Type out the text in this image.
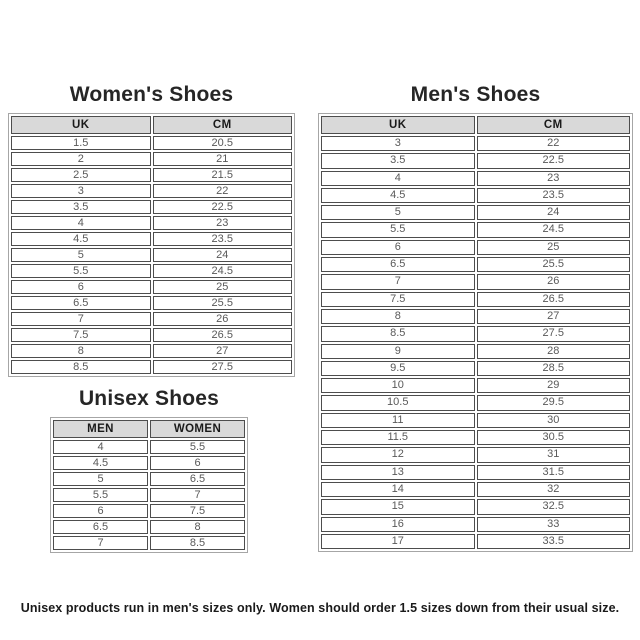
Women's Shoes
UK	CM
1.5	20.5
2	21
2.5	21.5
3	22
3.5	22.5
4	23
4.5	23.5
5	24
5.5	24.5
6	25
6.5	25.5
7	26
7.5	26.5
8	27
8.5	27.5
Men's Shoes
UK	CM
3	22
3.5	22.5
4	23
4.5	23.5
5	24
5.5	24.5
6	25
6.5	25.5
7	26
7.5	26.5
8	27
8.5	27.5
9	28
9.5	28.5
10	29
10.5	29.5
11	30
11.5	30.5
12	31
13	31.5
14	32
15	32.5
16	33
17	33.5
Unisex Shoes
MEN	WOMEN
4	5.5
4.5	6
5	6.5
5.5	7
6	7.5
6.5	8
7	8.5

Unisex products run in men's sizes only. Women should order 1.5 sizes down from their usual size.
